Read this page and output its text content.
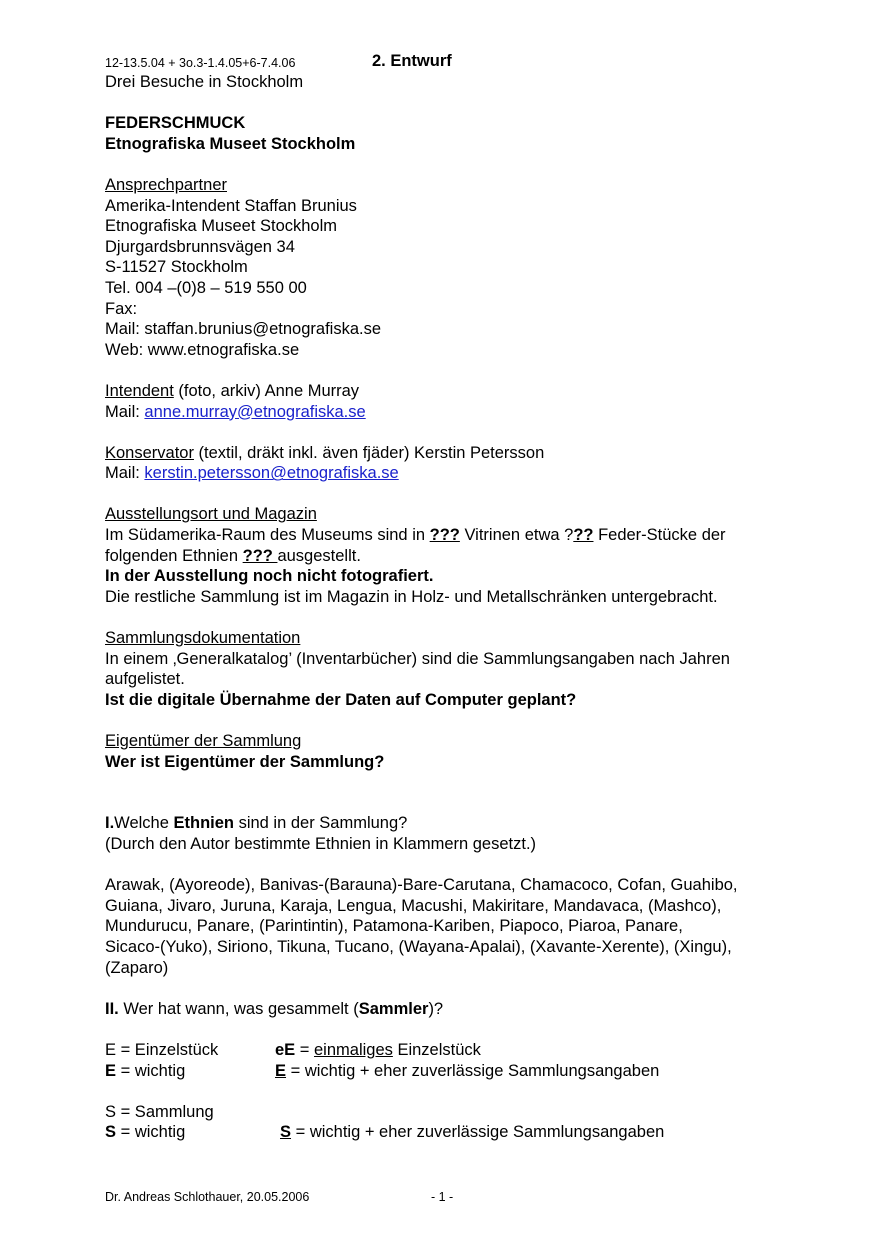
12-13.5.04 + 3o.3-1.4.05+6-7.4.06	2. Entwurf

Drei Besuche in Stockholm

FEDERSCHMUCK

Etnografiska Museet Stockholm

Ansprechpartner

Amerika-Intendent Staffan Brunius

Etnografiska Museet Stockholm

Djurgardsbrunnsvägen 34

S-11527 Stockholm

Tel. 004 –(0)8 – 519 550 00

Fax:

Mail: staffan.brunius@etnografiska.se

Web: www.etnografiska.se

Intendent (foto, arkiv) Anne Murray

Mail: anne.murray@etnografiska.se

Konservator (textil, dräkt inkl. även fjäder) Kerstin Petersson

Mail: kerstin.petersson@etnografiska.se

Ausstellungsort und Magazin

Im Südamerika-Raum des Museums sind in ??? Vitrinen etwa ??? Feder-Stücke der

folgenden Ethnien ??? ausgestellt.

In der Ausstellung noch nicht fotografiert.

Die restliche Sammlung ist im Magazin in Holz- und Metallschränken untergebracht.

Sammlungsdokumentation

In einem ‚Generalkatalog’ (Inventarbücher) sind die Sammlungsangaben nach Jahren

aufgelistet.

Ist die digitale Übernahme der Daten auf Computer geplant?

Eigentümer der Sammlung

Wer ist Eigentümer der Sammlung?

I.Welche Ethnien sind in der Sammlung?

(Durch den Autor bestimmte Ethnien in Klammern gesetzt.)

Arawak, (Ayoreode), Banivas-(Barauna)-Bare-Carutana, Chamacoco, Cofan, Guahibo,

Guiana, Jivaro, Juruna, Karaja, Lengua, Macushi, Makiritare, Mandavaca, (Mashco),

Mundurucu, Panare, (Parintintin), Patamona-Kariben, Piapoco, Piaroa, Panare,

Sicaco-(Yuko), Siriono, Tikuna, Tucano, (Wayana-Apalai), (Xavante-Xerente), (Xingu),

(Zaparo)

II. Wer hat wann, was gesammelt (Sammler)?

E = Einzelstück	eE = einmaliges Einzelstück
E = wichtig	E = wichtig + eher zuverlässige Sammlungsangaben
S = Sammlung
S = wichtig	S = wichtig + eher zuverlässige Sammlungsangaben
Dr. Andreas Schlothauer, 20.05.2006	- 1 -
